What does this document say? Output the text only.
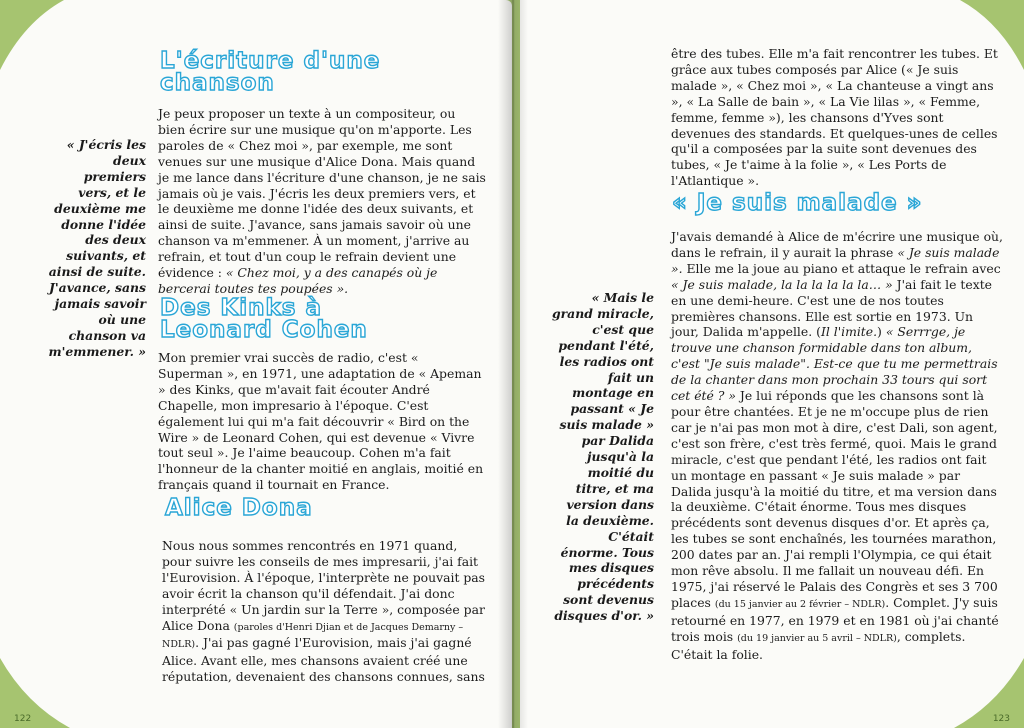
L'écriture d'une chanson

« J'écris les deux premiers vers, et le deuxième me donne l'idée des deux suivants, et ainsi de suite. J'avance, sans jamais savoir où une chanson va m'emmener. »

Je peux proposer un texte à un compositeur, ou bien écrire sur une musique qu'on m'apporte. Les paroles de « Chez moi », par exemple, me sont venues sur une musique d'Alice Dona. Mais quand je me lance dans l'écriture d'une chanson, je ne sais jamais où je vais. J'écris les deux premiers vers, et le deuxième me donne l'idée des deux suivants, et ainsi de suite. J'avance, sans jamais savoir où une chanson va m'emmener. À un moment, j'arrive au refrain, et tout d'un coup le refrain devient une évidence : « Chez moi, y a des canapés où je bercerai toutes tes poupées ».

Des Kinks à Leonard Cohen

Mon premier vrai succès de radio, c'est « Superman », en 1971, une adaptation de « Apeman » des Kinks, que m'avait fait écouter André Chapelle, mon impresario à l'époque. C'est également lui qui m'a fait découvrir « Bird on the Wire » de Leonard Cohen, qui est devenue « Vivre tout seul ». Je l'aime beaucoup. Cohen m'a fait l'honneur de la chanter moitié en anglais, moitié en français quand il tournait en France.

Alice Dona

Nous nous sommes rencontrés en 1971 quand, pour suivre les conseils de mes impresarii, j'ai fait l'Eurovision. À l'époque, l'interprète ne pouvait pas avoir écrit la chanson qu'il défendait. J'ai donc interprété « Un jardin sur la Terre », composée par Alice Dona (paroles d'Henri Djian et de Jacques Demarny – NDLR). J'ai pas gagné l'Eurovision, mais j'ai gagné Alice. Avant elle, mes chansons avaient créé une réputation, devenaient des chansons connues, sans

122

être des tubes. Elle m'a fait rencontrer les tubes. Et grâce aux tubes composés par Alice (« Je suis malade », « Chez moi », « La chanteuse a vingt ans », « La Salle de bain », « La Vie lilas », « Femme, femme, femme »), les chansons d'Yves sont devenues des standards. Et quelques-unes de celles qu'il a composées par la suite sont devenues des tubes, « Je t'aime à la folie », « Les Ports de l'Atlantique ».

« Je suis malade »

« Mais le grand miracle, c'est que pendant l'été, les radios ont fait un montage en passant « Je suis malade » par Dalida jusqu'à la moitié du titre, et ma version dans la deuxième. C'était énorme. Tous mes disques précédents sont devenus disques d'or. »

J'avais demandé à Alice de m'écrire une musique où, dans le refrain, il y aurait la phrase « Je suis malade ». Elle me la joue au piano et attaque le refrain avec « Je suis malade, la la la la la la… » J'ai fait le texte en une demi-heure. C'est une de nos toutes premières chansons. Elle est sortie en 1973. Un jour, Dalida m'appelle. (Il l'imite.) « Serrrge, je trouve une chanson formidable dans ton album, c'est "Je suis malade". Est-ce que tu me permettrais de la chanter dans mon prochain 33 tours qui sort cet été ? » Je lui réponds que les chansons sont là pour être chantées. Et je ne m'occupe plus de rien car je n'ai pas mon mot à dire, c'est Dali, son agent, c'est son frère, c'est très fermé, quoi. Mais le grand miracle, c'est que pendant l'été, les radios ont fait un montage en passant « Je suis malade » par Dalida jusqu'à la moitié du titre, et ma version dans la deuxième. C'était énorme. Tous mes disques précédents sont devenus disques d'or. Et après ça, les tubes se sont enchaînés, les tournées marathon, 200 dates par an. J'ai rempli l'Olympia, ce qui était mon rêve absolu. Il me fallait un nouveau défi. En 1975, j'ai réservé le Palais des Congrès et ses 3 700 places (du 15 janvier au 2 février – NDLR). Complet. J'y suis retourné en 1977, en 1979 et en 1981 où j'ai chanté trois mois (du 19 janvier au 5 avril – NDLR), complets. C'était la folie.

123
